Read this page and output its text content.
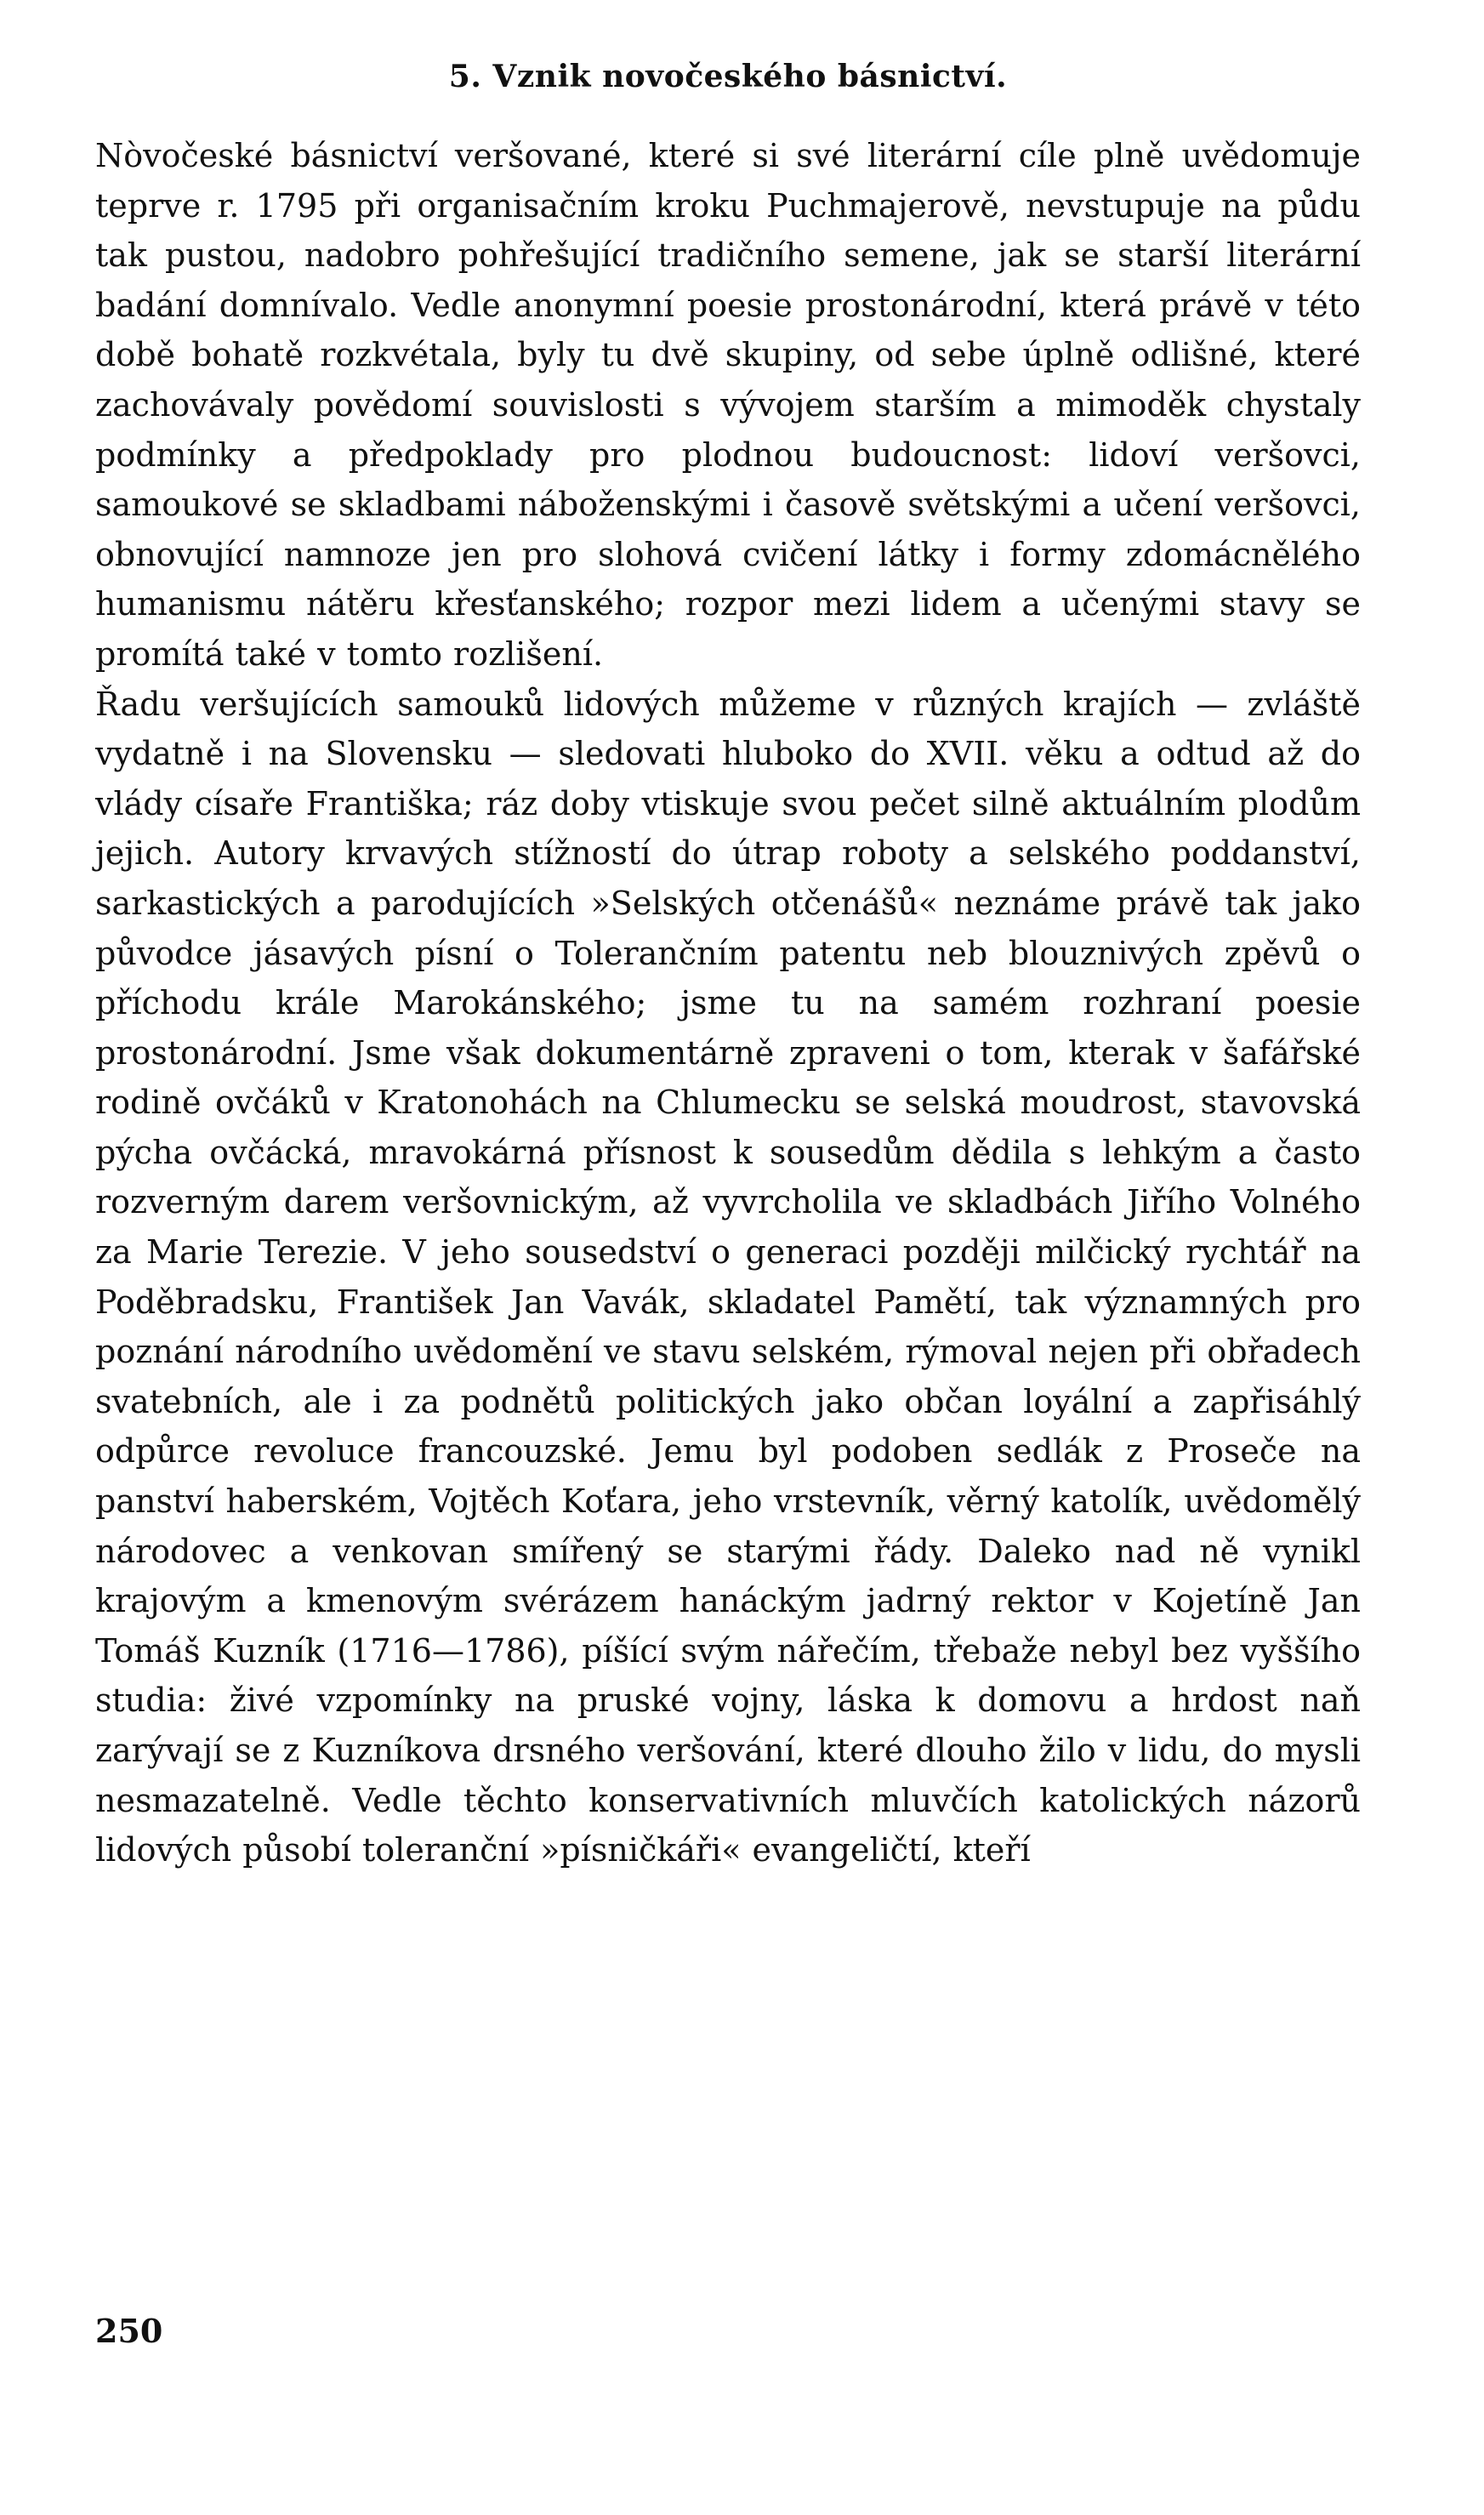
5. Vznik novočeského básnictví.

Nòvočeské básnictví veršované, které si své literární cíle plně uvědomuje teprve r. 1795 při organisačním kroku Puchmajerově, nevstupuje na půdu tak pustou, nadobro pohřešující tradičního semene, jak se starší literární badání domnívalo. Vedle anonymní poesie prostonárodní, která právě v této době bohatě rozkvétala, byly tu dvě skupiny, od sebe úplně odlišné, které zachovávaly povědomí souvislosti s vývojem starším a mimoděk chystaly podmínky a předpoklady pro plodnou budoucnost: lidoví veršovci, samoukové se skladbami náboženskými i časově světskými a učení veršovci, obnovující namnoze jen pro slohová cvičení látky i formy zdomácnělého humanismu nátěru křesťanského; rozpor mezi lidem a učenými stavy se promítá také v tomto rozlišení.

Řadu veršujících samouků lidových můžeme v různých krajích — zvláště vydatně i na Slovensku — sledovati hluboko do XVII. věku a odtud až do vlády císaře Františka; ráz doby vtiskuje svou pečet silně aktuálním plodům jejich. Autory krvavých stížností do útrap roboty a selského poddanství, sarkastických a parodujících »Selských otčenášů« neznáme právě tak jako původce jásavých písní o Tolerančním patentu neb blouznivých zpěvů o příchodu krále Marokánského; jsme tu na samém rozhraní poesie prostonárodní. Jsme však dokumentárně zpraveni o tom, kterak v šafářské rodině ovčáků v Kratonohách na Chlumecku se selská moudrost, stavovská pýcha ovčácká, mravokárná přísnost k sousedům dědila s lehkým a často rozverným darem veršovnickým, až vyvrcholila ve skladbách Jiřího Volného za Marie Terezie. V jeho sousedství o generaci později milčický rychtář na Poděbradsku, František Jan Vavák, skladatel Pamětí, tak významných pro poznání národního uvědomění ve stavu selském, rýmoval nejen při obřadech svatebních, ale i za podnětů politických jako občan loyální a zapřisáhlý odpůrce revoluce francouzské. Jemu byl podoben sedlák z Proseče na panství haberském, Vojtěch Koťara, jeho vrstevník, věrný katolík, uvědomělý národovec a venkovan smířený se starými řády. Daleko nad ně vynikl krajovým a kmenovým svérázem hanáckým jadrný rektor v Kojetíně Jan Tomáš Kuzník (1716—1786), píšící svým nářečím, třebaže nebyl bez vyššího studia: živé vzpomínky na pruské vojny, láska k domovu a hrdost naň zarývají se z Kuzníkova drsného veršování, které dlouho žilo v lidu, do mysli nesmazatelně. Vedle těchto konservativních mluvčích katolických názorů lidových působí toleranční »písničkáři« evangeličtí, kteří

250
